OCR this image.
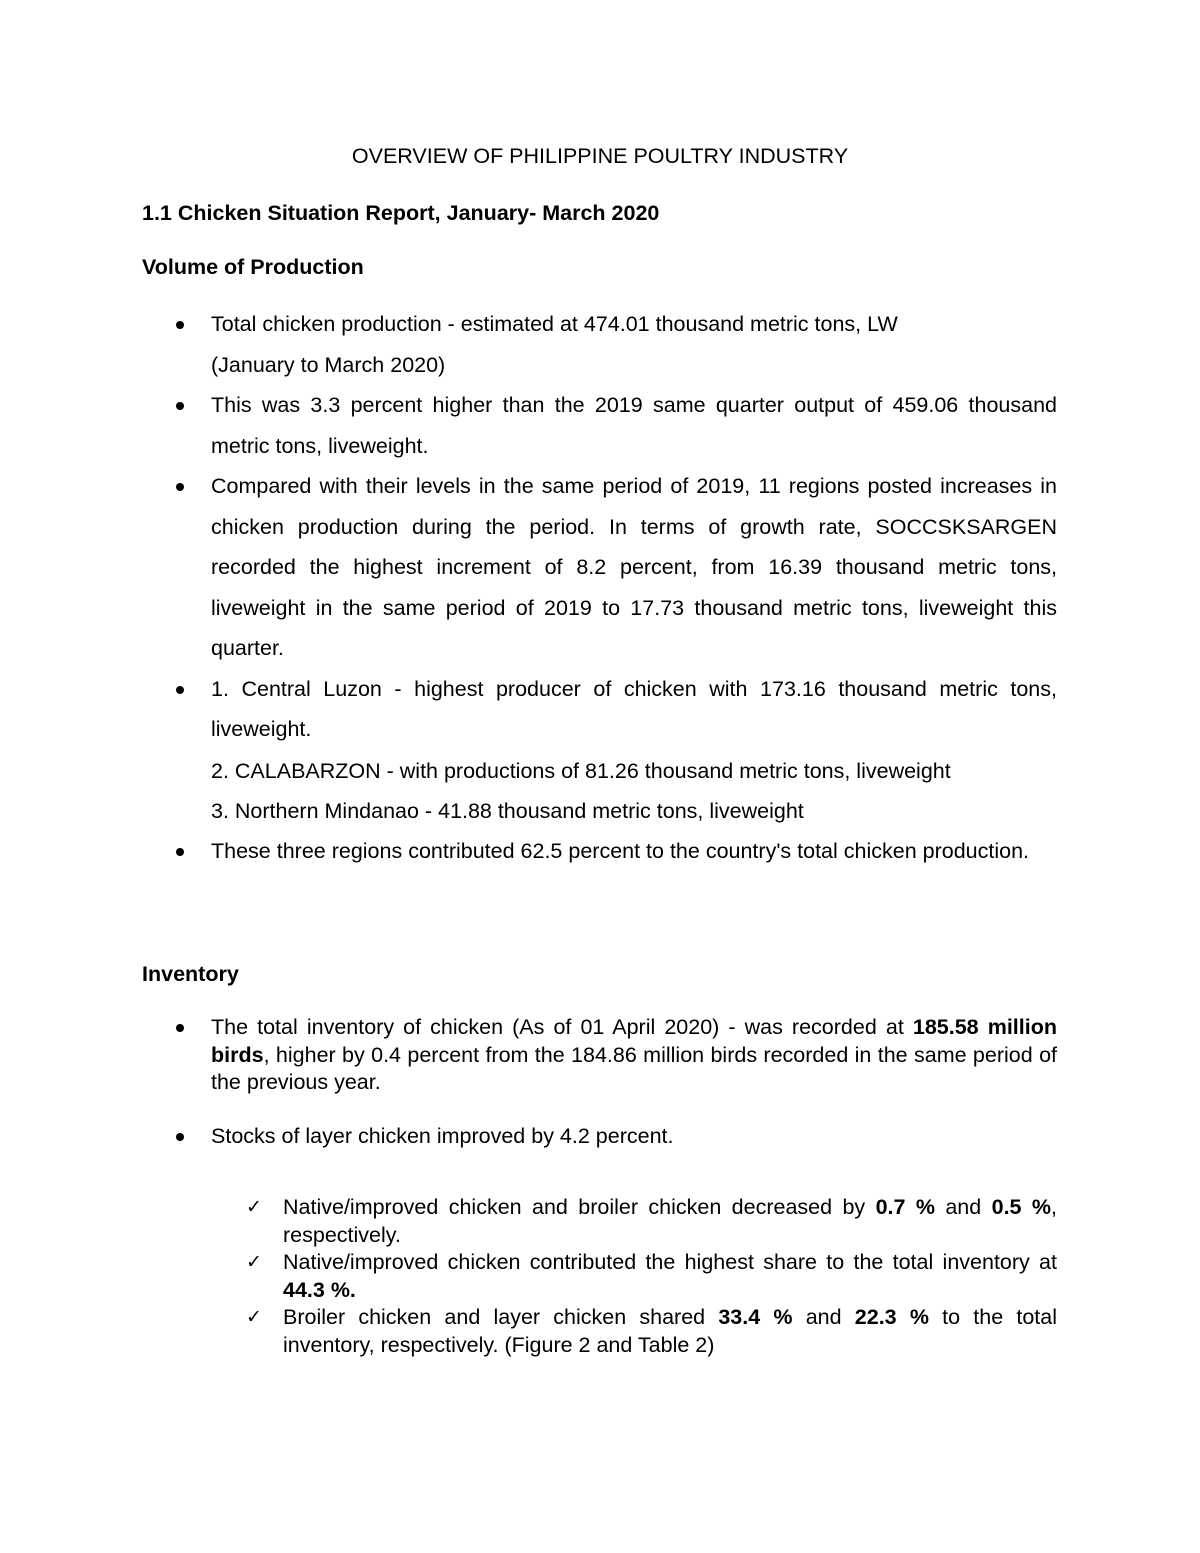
OVERVIEW OF PHILIPPINE POULTRY INDUSTRY
1.1 Chicken Situation Report, January- March 2020
Volume of Production
Total chicken production - estimated at 474.01 thousand metric tons, LW
(January to March 2020)
This was 3.3 percent higher than the 2019 same quarter output of 459.06 thousand metric tons, liveweight.
Compared with their levels in the same period of 2019, 11 regions posted increases in chicken production during the period. In terms of growth rate, SOCCSKSARGEN recorded the highest increment of 8.2 percent, from 16.39 thousand metric tons, liveweight in the same period of 2019 to 17.73 thousand metric tons, liveweight this quarter.
1. Central Luzon - highest producer of chicken with 173.16 thousand metric tons, liveweight.
2. CALABARZON - with productions of 81.26 thousand metric tons, liveweight
3. Northern Mindanao - 41.88 thousand metric tons, liveweight
These three regions contributed 62.5 percent to the country's total chicken production.
Inventory
The total inventory of chicken (As of 01 April 2020) - was recorded at 185.58 million birds, higher by 0.4 percent from the 184.86 million birds recorded in the same period of the previous year.
Stocks of layer chicken improved by 4.2 percent.
✓ Native/improved chicken and broiler chicken decreased by 0.7 % and 0.5 %, respectively.
✓ Native/improved chicken contributed the highest share to the total inventory at 44.3 %.
✓ Broiler chicken and layer chicken shared 33.4 % and 22.3 % to the total inventory, respectively. (Figure 2 and Table 2)
